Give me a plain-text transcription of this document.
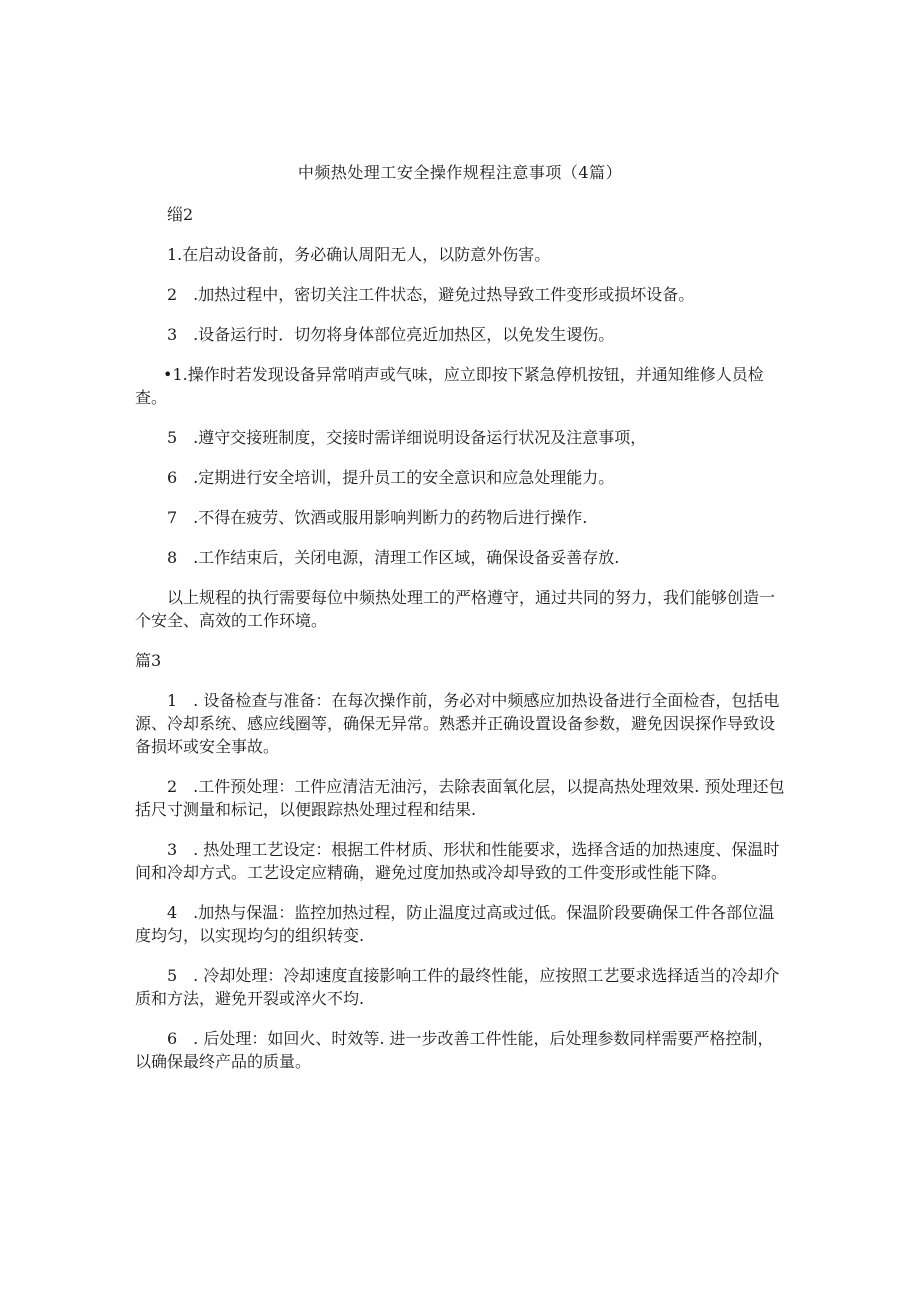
中频热处理工安全操作规程注意事项（4篇）

缁2

1.在启动设备前，务必确认周阳无人，以防意外伤害。

2　.加热过程中，密切关注工件状态，避免过热导致工件变形或损坏设备。

3　.设备运行时．切勿将身体部位亮近加热区，以免发生谡伤。

•1.操作时若发现设备异常哨声或气味，应立即按下紧急停机按钮，并通知维修人员检查。

5　.遵守交接班制度，交接时需详细说明设备运行状况及注意事项，

6　.定期进行安全培训，提升员工的安全意识和应急处理能力。

7　.不得在疲劳、饮酒或服用影响判断力的药物后进行操作.

8　.工作结束后，关闭电源，清理工作区域，确保设备妥善存放.

以上规程的执行需要每位中频热处理工的严格遵守，通过共同的努力，我们能够创造一个安全、高效的工作环境。

篇3

1　. 设备检查与准备：在每次操作前，务必对中频感应加热设备进行全面检杳，包括电源、冷却系统、感应线圈等，确保无异常。熟悉并正确设置设备参数，避免因误探作导致设备损坏或安全事故。

2　.工件预处理：工件应清洁无油污，去除表面氧化层，以提高热处理效果. 预处理还包括尺寸测量和标记，以便跟踪热处理过程和结果.

3　. 热处理工艺设定：根据工件材质、形状和性能要求，选择含适的加热速度、保温时间和冷却方式。工艺设定应精确，避免过度加热或冷却导致的工件变形或性能下降。

4　.加热与保温：监控加热过程，防止温度过高或过低。保温阶段要确保工件各部位温度均匀，以实现均匀的组织转变.

5　. 冷却处理：冷却速度直接影响工件的最终性能，应按照工艺要求选择适当的冷却介质和方法，避免开裂或淬火不均.

6　. 后处理：如回火、时效等. 进一步改善工件性能，后处理参数同样需要严格控制，以确保最终产品的质量。
